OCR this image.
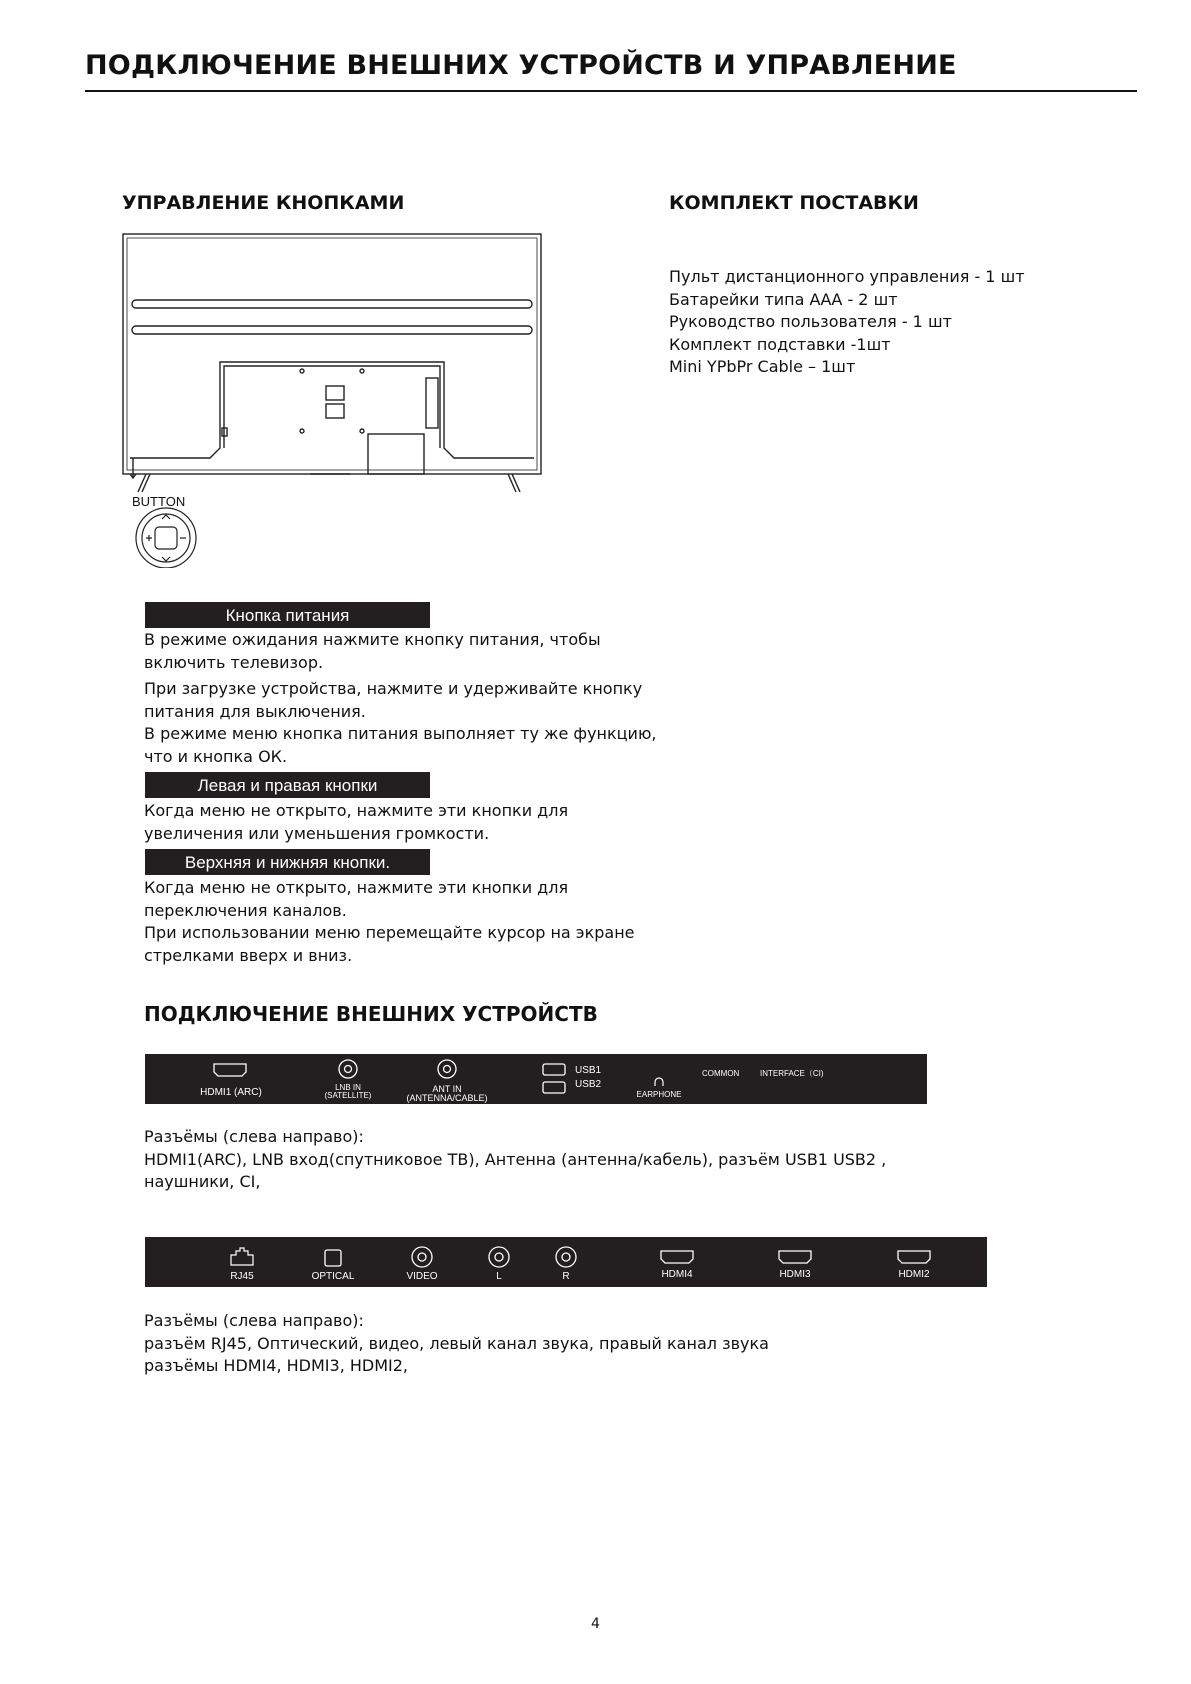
ПОДКЛЮЧЕНИЕ ВНЕШНИХ УСТРОЙСТВ И УПРАВЛЕНИЕ
УПРАВЛЕНИЕ КНОПКАМИ
BUTTON
Кнопка питания
В режиме ожидания нажмите кнопку питания, чтобы
включить телевизор.
При загрузке устройства, нажмите и удерживайте кнопку
питания для выключения.
В режиме меню кнопка питания выполняет ту же функцию,
что и кнопка ОК.
Левая и правая кнопки
Когда меню не открыто, нажмите эти кнопки для
увеличения или уменьшения громкости.
Верхняя и нижняя кнопки.
Когда меню не открыто, нажмите эти кнопки для
переключения каналов.
При использовании меню перемещайте курсор на экране
стрелками вверх и вниз.
КОМПЛЕКТ ПОСТАВКИ
Пульт дистанционного управления - 1 шт
Батарейки типа ААА - 2 шт
Руководство пользователя - 1 шт
Комплект подставки -1шт
Mini YPbPr Cable – 1шт
ПОДКЛЮЧЕНИЕ ВНЕШНИХ УСТРОЙСТВ
HDMI1 (ARC)	LNB IN
(SATELLITE)
ANT IN
(ANTENNA/CABLE)
USB1
USB2
EARPHONE
COMMON	INTERFACE（CI)
Разъёмы (слева направо):
HDMI1(ARC), LNB вход(спутниковое ТВ), Антенна (антенна/кабель), разъём USB1 USB2 ,
наушники, CI,
RJ45	OPTICAL	VIDEO	L	R	HDMI4	HDMI3	HDMI2
Разъёмы (слева направо):
разъём RJ45, Оптический, видео, левый канал звука, правый канал звука
разъёмы HDMI4, HDMI3, HDMI2,
4
